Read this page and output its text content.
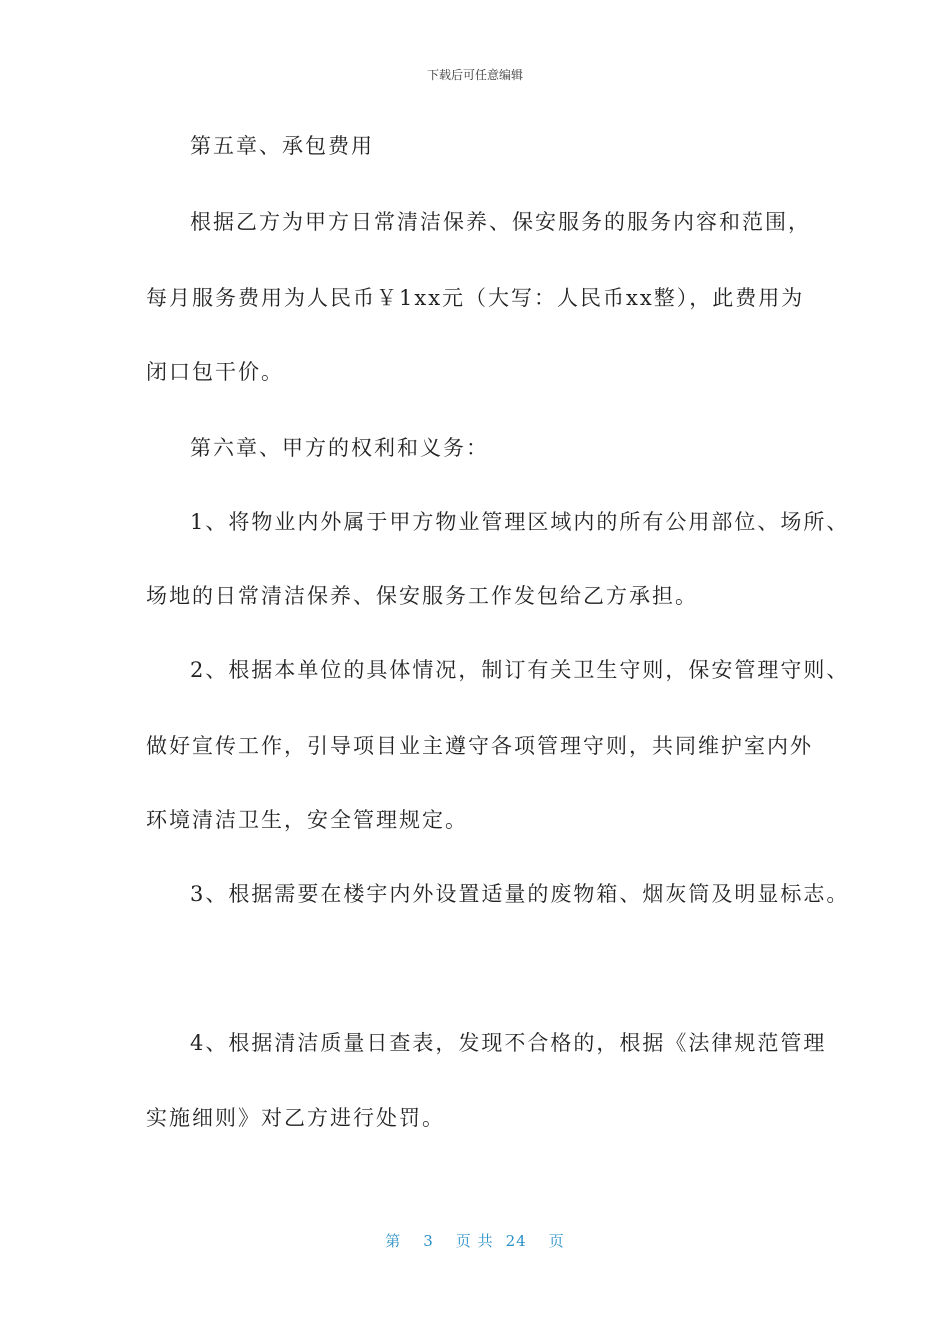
下载后可任意编辑
第五章、承包费用
根据乙方为甲方日常清洁保养、保安服务的服务内容和范围，
每月服务费用为人民币￥1xx元（大写：人民币xx整），此费用为
闭口包干价。
第六章、甲方的权利和义务：
1、将物业内外属于甲方物业管理区域内的所有公用部位、场所、
场地的日常清洁保养、保安服务工作发包给乙方承担。
2、根据本单位的具体情况，制订有关卫生守则，保安管理守则、
做好宣传工作，引导项目业主遵守各项管理守则，共同维护室内外
环境清洁卫生，安全管理规定。
3、根据需要在楼宇内外设置适量的废物箱、烟灰筒及明显标志。
4、根据清洁质量日查表，发现不合格的，根据《法律规范管理
实施细则》对乙方进行处罚。
第 3 页 共 24 页
